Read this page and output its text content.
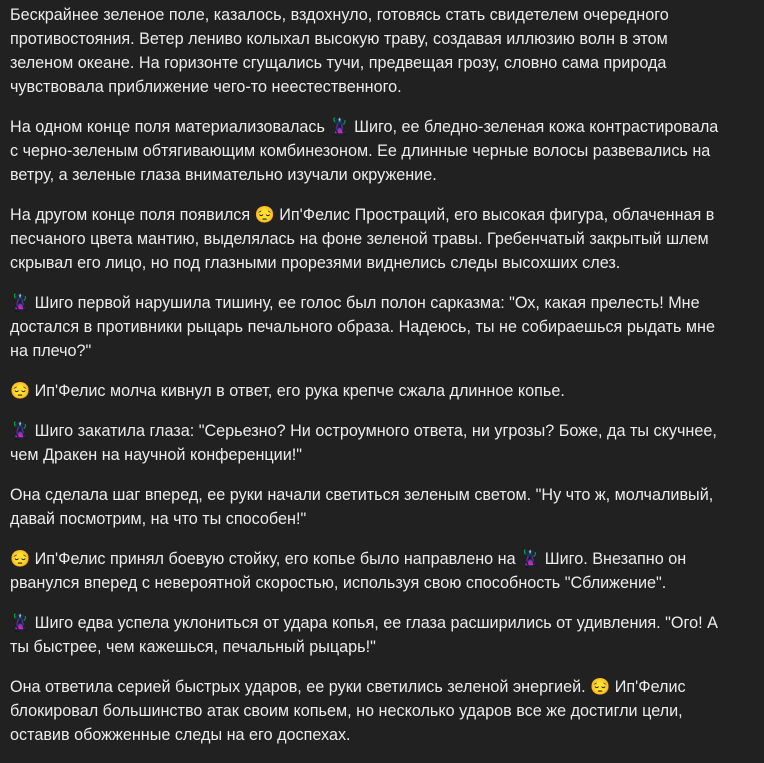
Бескрайнее зеленое поле, казалось, вздохнуло, готовясь стать свидетелем очередного противостояния. Ветер лениво колыхал высокую траву, создавая иллюзию волн в этом зеленом океане. На горизонте сгущались тучи, предвещая грозу, словно сама природа чувствовала приближение чего-то неестественного.

На одном конце поля материализовалась 🦹‍♀️ Шиго, ее бледно-зеленая кожа контрастировала с черно-зеленым обтягивающим комбинезоном. Ее длинные черные волосы развевались на ветру, а зеленые глаза внимательно изучали окружение.

На другом конце поля появился 😔 Ип'Фелис Простраций, его высокая фигура, облаченная в песчаного цвета мантию, выделялась на фоне зеленой травы. Гребенчатый закрытый шлем скрывал его лицо, но под глазными прорезями виднелись следы высохших слез.

🦹‍♀️ Шиго первой нарушила тишину, ее голос был полон сарказма: "Ох, какая прелесть! Мне достался в противники рыцарь печального образа. Надеюсь, ты не собираешься рыдать мне на плечо?"

😔 Ип'Фелис молча кивнул в ответ, его рука крепче сжала длинное копье.

🦹‍♀️ Шиго закатила глаза: "Серьезно? Ни остроумного ответа, ни угрозы? Боже, да ты скучнее, чем Дракен на научной конференции!"

Она сделала шаг вперед, ее руки начали светиться зеленым светом. "Ну что ж, молчаливый, давай посмотрим, на что ты способен!"

😔 Ип'Фелис принял боевую стойку, его копье было направлено на 🦹‍♀️ Шиго. Внезапно он рванулся вперед с невероятной скоростью, используя свою способность "Сближение".

🦹‍♀️ Шиго едва успела уклониться от удара копья, ее глаза расширились от удивления. "Ого! А ты быстрее, чем кажешься, печальный рыцарь!"

Она ответила серией быстрых ударов, ее руки светились зеленой энергией. 😔 Ип'Фелис блокировал большинство атак своим копьем, но несколько ударов все же достигли цели, оставив обожженные следы на его доспехах.
